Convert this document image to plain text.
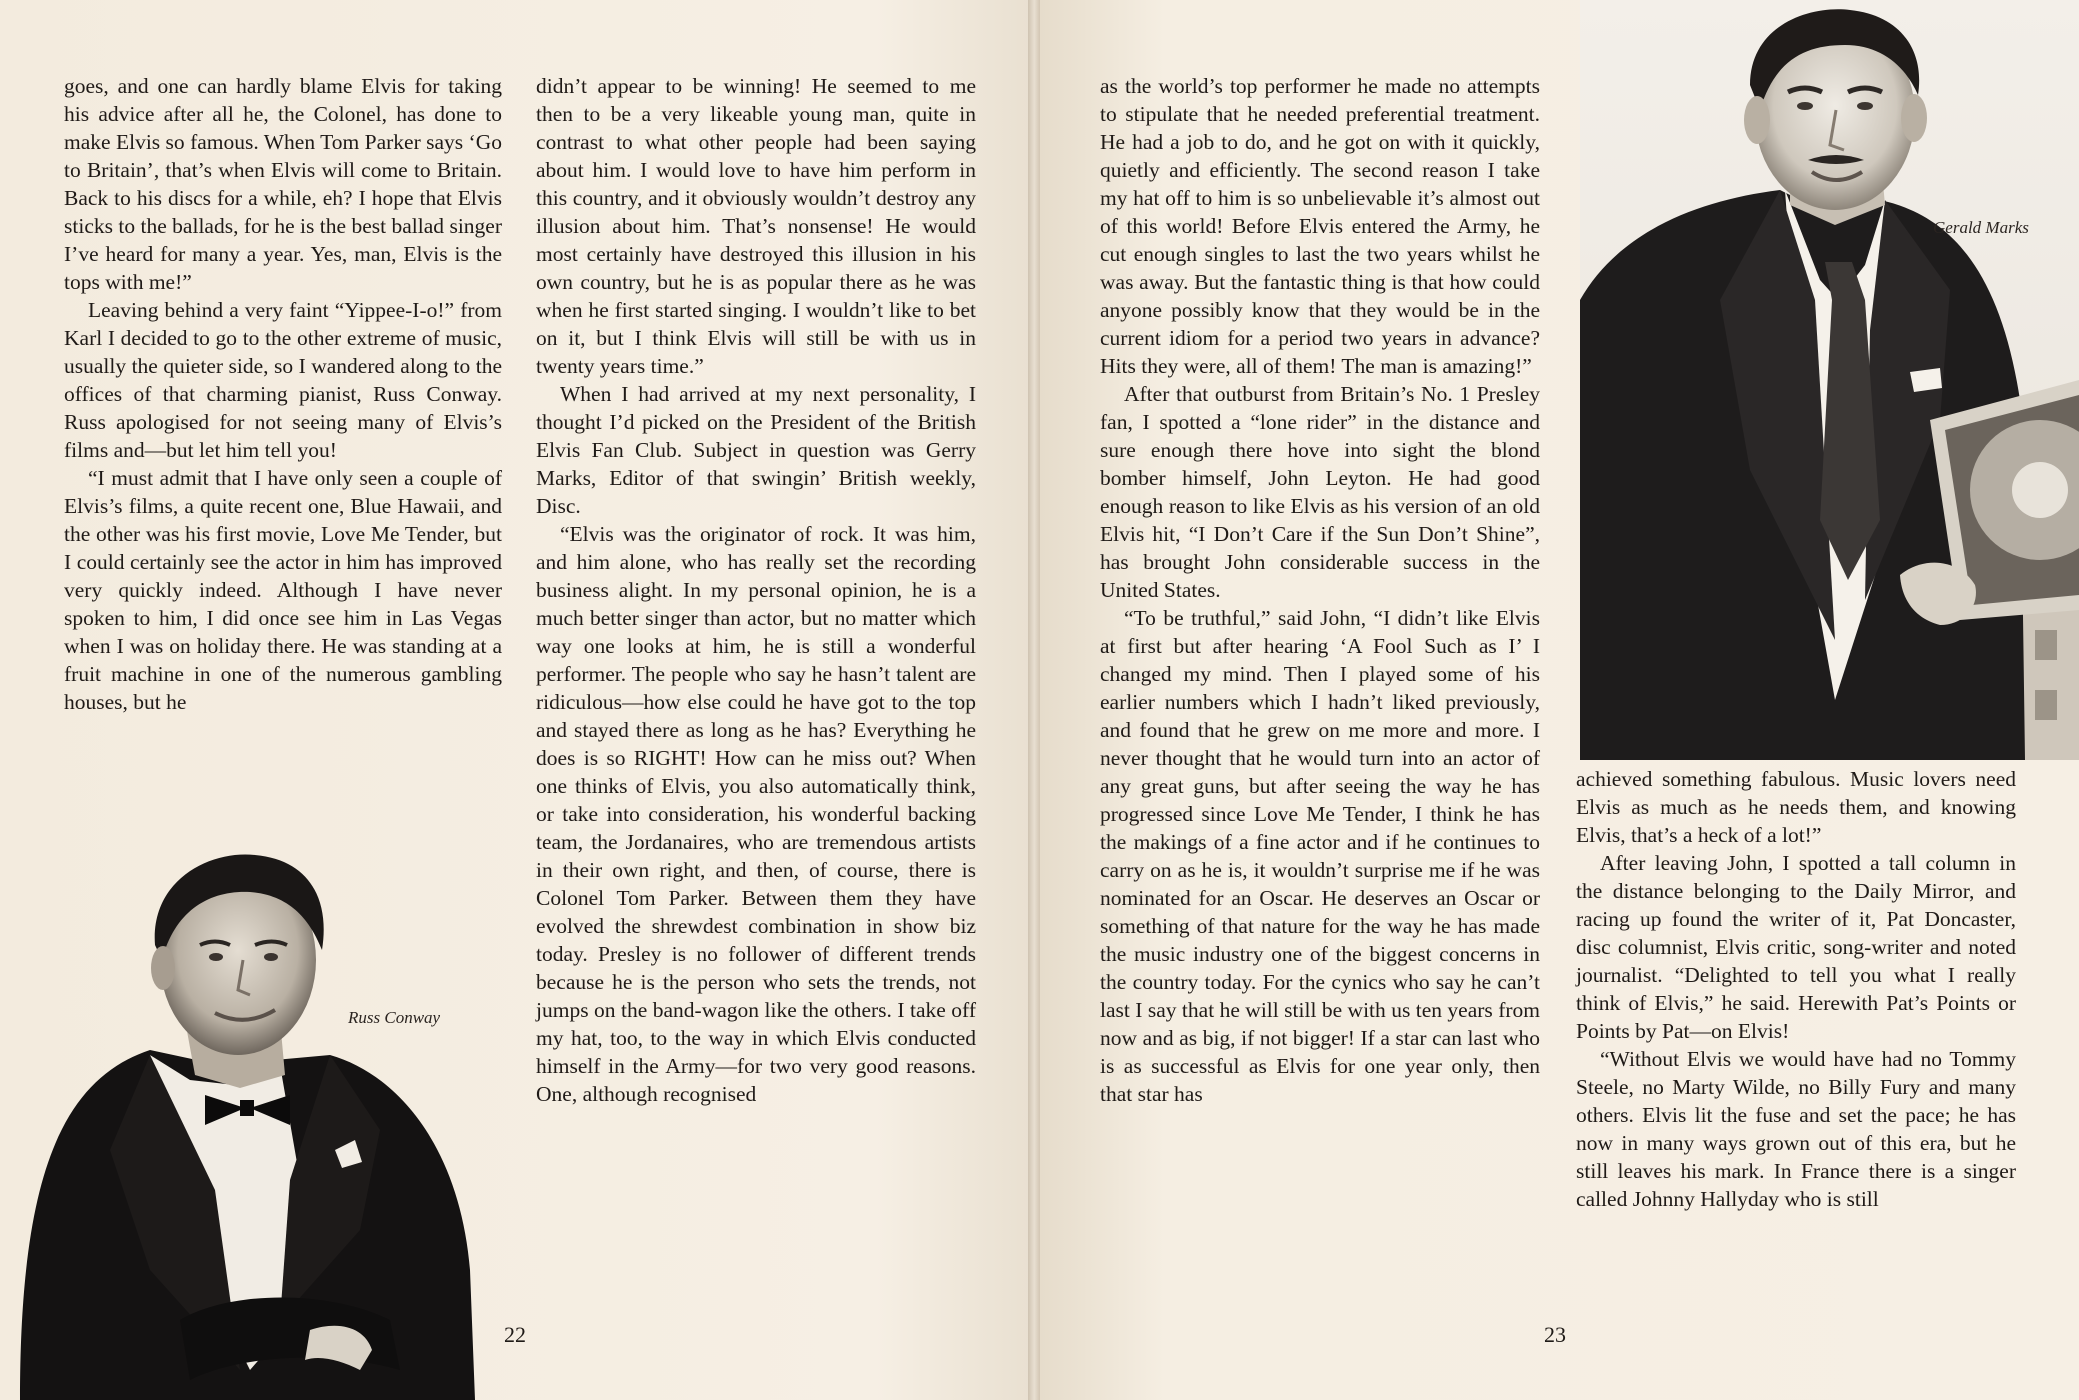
goes, and one can hardly blame Elvis for taking his advice after all he, the Colonel, has done to make Elvis so famous. When Tom Parker says ‘Go to Britain’, that’s when Elvis will come to Britain. Back to his discs for a while, eh? I hope that Elvis sticks to the ballads, for he is the best ballad singer I’ve heard for many a year. Yes, man, Elvis is the tops with me!”

Leaving behind a very faint “Yippee-I-o!” from Karl I decided to go to the other extreme of music, usually the quieter side, so I wandered along to the offices of that charming pianist, Russ Conway. Russ apologised for not seeing many of Elvis’s films and—but let him tell you!

“I must admit that I have only seen a couple of Elvis’s films, a quite recent one, Blue Hawaii, and the other was his first movie, Love Me Tender, but I could certainly see the actor in him has improved very quickly indeed. Although I have never spoken to him, I did once see him in Las Vegas when I was on holiday there. He was standing at a fruit machine in one of the numerous gambling houses, but he

didn’t appear to be winning! He seemed to me then to be a very likeable young man, quite in contrast to what other people had been saying about him. I would love to have him perform in this country, and it obviously wouldn’t destroy any illusion about him. That’s nonsense! He would most certainly have destroyed this illusion in his own country, but he is as popular there as he was when he first started singing. I wouldn’t like to bet on it, but I think Elvis will still be with us in twenty years time.”

When I had arrived at my next personality, I thought I’d picked on the President of the British Elvis Fan Club. Subject in question was Gerry Marks, Editor of that swingin’ British weekly, Disc.

“Elvis was the originator of rock. It was him, and him alone, who has really set the recording business alight. In my personal opinion, he is a much better singer than actor, but no matter which way one looks at him, he is still a wonderful performer. The people who say he hasn’t talent are ridiculous—how else could he have got to the top and stayed there as long as he has? Everything he does is so RIGHT! How can he miss out? When one thinks of Elvis, you also automatically think, or take into consideration, his wonderful backing team, the Jordanaires, who are tremendous artists in their own right, and then, of course, there is Colonel Tom Parker. Between them they have evolved the shrewdest combination in show biz today. Presley is no follower of different trends because he is the person who sets the trends, not jumps on the band-wagon like the others. I take off my hat, too, to the way in which Elvis conducted himself in the Army—for two very good reasons. One, although recognised

Russ Conway
22

as the world’s top performer he made no attempts to stipulate that he needed preferential treatment. He had a job to do, and he got on with it quickly, quietly and efficiently. The second reason I take my hat off to him is so unbelievable it’s almost out of this world! Before Elvis entered the Army, he cut enough singles to last the two years whilst he was away. But the fantastic thing is that how could anyone possibly know that they would be in the current idiom for a period two years in advance? Hits they were, all of them! The man is amazing!”

After that outburst from Britain’s No. 1 Presley fan, I spotted a “lone rider” in the distance and sure enough there hove into sight the blond bomber himself, John Leyton. He had good enough reason to like Elvis as his version of an old Elvis hit, “I Don’t Care if the Sun Don’t Shine”, has brought John considerable success in the United States.

“To be truthful,” said John, “I didn’t like Elvis at first but after hearing ‘A Fool Such as I’ I changed my mind. Then I played some of his earlier numbers which I hadn’t liked previously, and found that he grew on me more and more. I never thought that he would turn into an actor of any great guns, but after seeing the way he has progressed since Love Me Tender, I think he has the makings of a fine actor and if he continues to carry on as he is, it wouldn’t surprise me if he was nominated for an Oscar. He deserves an Oscar or something of that nature for the way he has made the music industry one of the biggest concerns in the country today. For the cynics who say he can’t last I say that he will still be with us ten years from now and as big, if not bigger! If a star can last who is as successful as Elvis for one year only, then that star has

Gerald Marks

achieved something fabulous. Music lovers need Elvis as much as he needs them, and knowing Elvis, that’s a heck of a lot!”

After leaving John, I spotted a tall column in the distance belonging to the Daily Mirror, and racing up found the writer of it, Pat Doncaster, disc columnist, Elvis critic, song-writer and noted journalist. “Delighted to tell you what I really think of Elvis,” he said. Herewith Pat’s Points or Points by Pat—on Elvis!

“Without Elvis we would have had no Tommy Steele, no Marty Wilde, no Billy Fury and many others. Elvis lit the fuse and set the pace; he has now in many ways grown out of this era, but he still leaves his mark. In France there is a singer called Johnny Hallyday who is still

23
